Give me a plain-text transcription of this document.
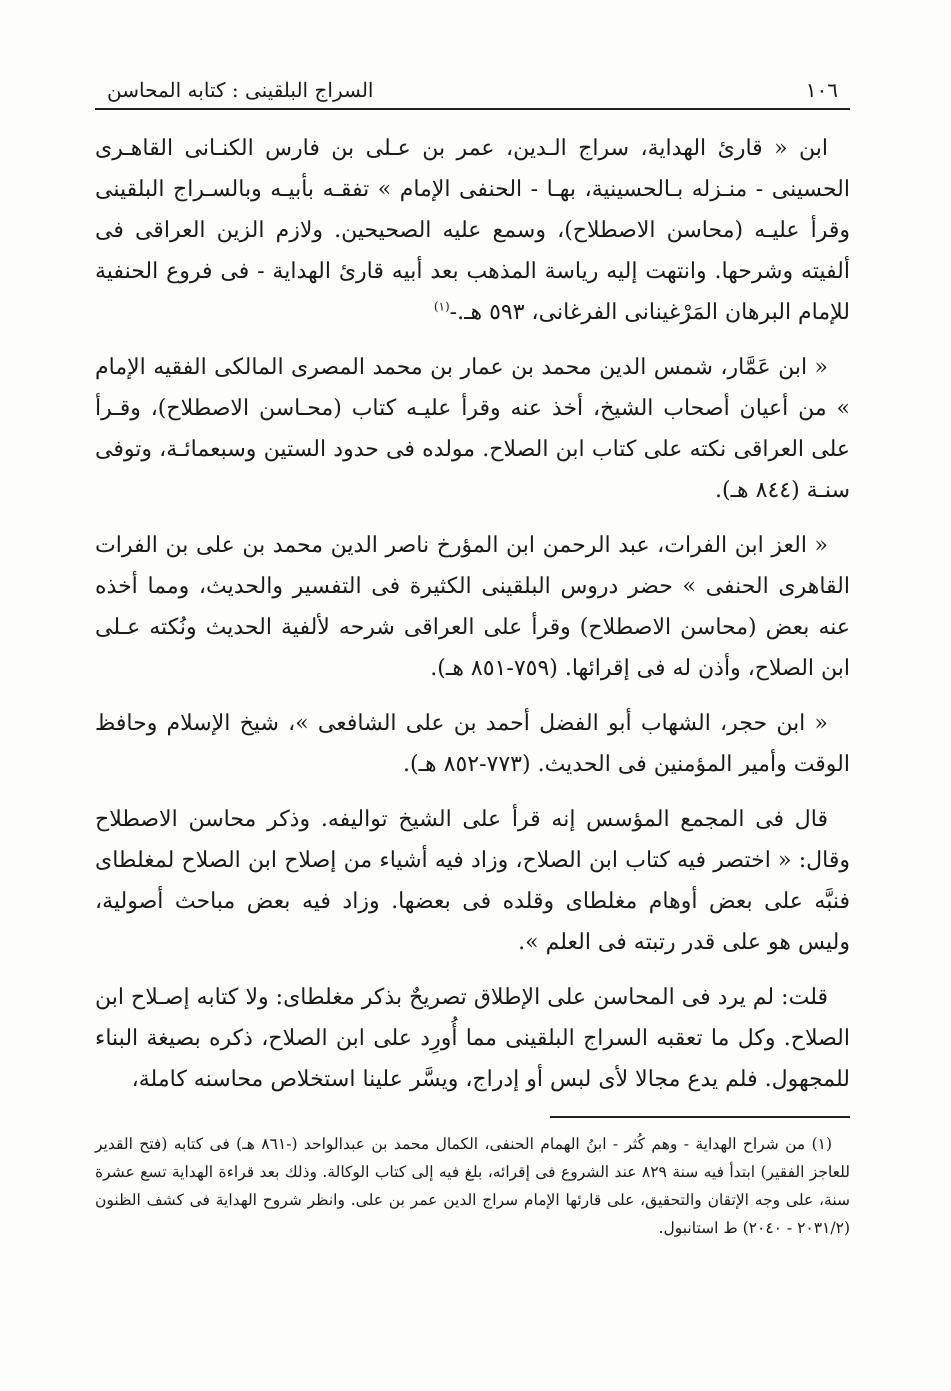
١٠٦
السراج البلقينى : كتابه المحاسن

ابن « قارئ الهداية، سراج الـدين، عمر بن عـلى بن فارس الكنـانى القاهـرى الحسينى - منـزله بـالحسينية، بهـا - الحنفى الإمام » تفقـه بأبيـه وبالسـراج البلقينى وقرأ عليـه (محاسن الاصطلاح)، وسمع عليه الصحيحين. ولازم الزين العراقى فى ألفيته وشرحها. وانتهت إليه رياسة المذهب بعد أبيه قارئ الهداية - فى فروع الحنفية للإمام البرهان المَرْغينانى الفرغانى، ٥٩٣ هـ.-$^{(١)}$

« ابن عَمَّار، شمس الدين محمد بن عمار بن محمد المصرى المالكى الفقيه الإمام » من أعيان أصحاب الشيخ، أخذ عنه وقرأ عليـه كتاب (محـاسن الاصطلاح)، وقـرأ على العراقى نكته على كتاب ابن الصلاح. مولده فى حدود الستين وسبعمائـة، وتوفى سنـة (٨٤٤ هـ).

« العز ابن الفرات، عبد الرحمن ابن المؤرخ ناصر الدين محمد بن على بن الفرات القاهرى الحنفى » حضر دروس البلقينى الكثيرة فى التفسير والحديث، ومما أخذه عنه بعض (محاسن الاصطلاح) وقرأ على العراقى شرحه لألفية الحديث ونُكته عـلى ابن الصلاح، وأذن له فى إقرائها. (٧٥٩-٨٥١ هـ).

« ابن حجر، الشهاب أبو الفضل أحمد بن على الشافعى »، شيخ الإسلام وحافظ الوقت وأمير المؤمنين فى الحديث. (٧٧٣-٨٥٢ هـ).

قال فى المجمع المؤسس إنه قرأ على الشيخ تواليفه. وذكر محاسن الاصطلاح وقال: « اختصر فيه كتاب ابن الصلاح، وزاد فيه أشياء من إصلاح ابن الصلاح لمغلطاى فنبَّه على بعض أوهام مغلطاى وقلده فى بعضها. وزاد فيه بعض مباحث أصولية، وليس هو على قدر رتبته فى العلم ».

قلت: لم يرد فى المحاسن على الإطلاق تصريحٌ بذكر مغلطاى: ولا كتابه إصـلاح ابن الصلاح. وكل ما تعقبه السراج البلقينى مما أُورِد على ابن الصلاح، ذكره بصيغة البناء للمجهول. فلم يدع مجالا لأى لبس أو إدراج، ويسَّر علينا استخلاص محاسنه كاملة،

(١) من شراح الهداية - وهم كُثر - ابنُ الهمام الحنفى، الكمال محمد بن عبدالواحد (-٨٦١ هـ) فى كتابه (فتح القدير للعاجز الفقير) ابتدأ فيه سنة ٨٢٩ عند الشروع فى إقرائه، بلغ فيه إلى كتاب الوكالة. وذلك بعد قراءة الهداية تسع عشرة سنة، على وجه الإتقان والتحقيق، على قارئها الإمام سراج الدين عمر بن على. وانظر شروح الهداية فى كشف الظنون (٢٠٣١/٢ - ٢٠٤٠) ط استانبول.
